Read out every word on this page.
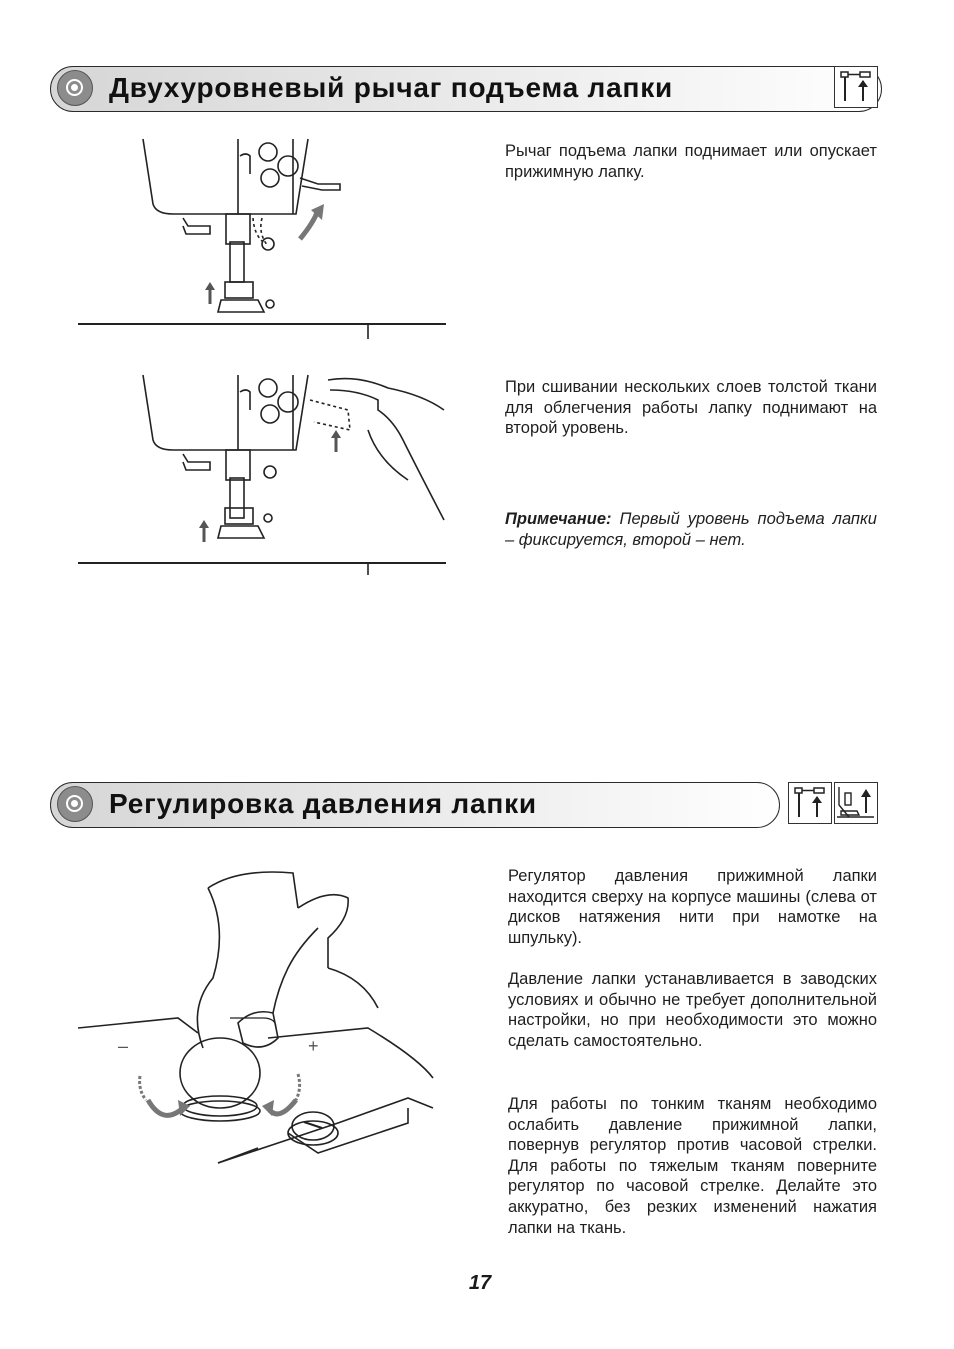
Двухуровневый рычаг подъема лапки
Рычаг подъема лапки поднимает или опускает прижимную лапку.
При сшивании нескольких слоев толстой ткани для облегчения работы лапку поднимают на второй уровень.
Примечание: Первый уровень подъема лапки – фиксируется, второй – нет.
Регулировка давления лапки
–	+
Регулятор давления прижимной лапки находится сверху на корпусе машины (слева от дисков натяжения нити при намотке на шпульку).
Давление лапки устанавливается в заводских условиях и обычно не требует дополнительной настройки, но при необходимости это можно сделать самостоятельно.
Для работы по тонким тканям необходимо ослабить давление прижимной лапки, повернув регулятор против часовой стрелки. Для работы по тяжелым тканям поверните регулятор по часовой стрелке. Делайте это аккуратно, без резких изменений нажатия лапки на ткань.
17
